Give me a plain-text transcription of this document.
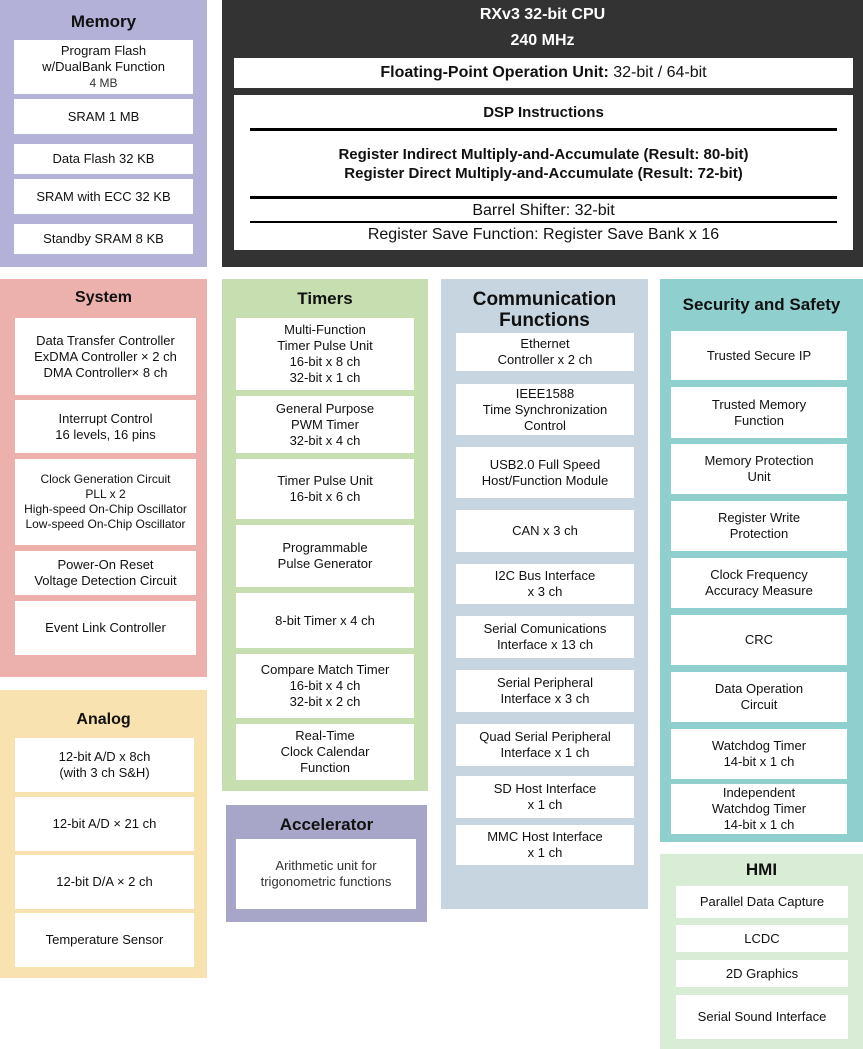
Memory
Program Flash
w/DualBank Function
4 MB
SRAM 1 MB
Data Flash 32 KB
SRAM with ECC 32 KB
Standby SRAM 8 KB
RXv3 32-bit CPU
240 MHz
Floating-Point Operation Unit: 32-bit / 64-bit
DSP Instructions
Register Indirect Multiply-and-Accumulate (Result: 80-bit)
Register Direct Multiply-and-Accumulate (Result: 72-bit)
Barrel Shifter: 32-bit
Register Save Function: Register Save Bank x 16
System
Data Transfer Controller
ExDMA Controller × 2 ch
DMA Controller× 8 ch
Interrupt Control
16 levels, 16 pins
Clock Generation Circuit
PLL x 2
High-speed On-Chip Oscillator
Low-speed On-Chip Oscillator
Power-On Reset
Voltage Detection Circuit
Event Link Controller
Analog
12-bit A/D x 8ch
(with 3 ch S&H)
12-bit A/D × 21 ch
12-bit D/A × 2 ch
Temperature Sensor
Timers
Multi-Function
Timer Pulse Unit
16-bit x 8 ch
32-bit x 1 ch
General Purpose
PWM Timer
32-bit x 4 ch
Timer Pulse Unit
16-bit x 6 ch
Programmable
Pulse Generator
8-bit Timer x 4 ch
Compare Match Timer
16-bit x 4 ch
32-bit x 2 ch
Real-Time
Clock Calendar
Function
Accelerator
Arithmetic unit for
trigonometric functions
Communication
Functions
Ethernet
Controller x 2 ch
IEEE1588
Time Synchronization
Control
USB2.0 Full Speed
Host/Function Module
CAN x 3 ch
I2C Bus Interface
x 3 ch
Serial Comunications
Interface x 13 ch
Serial Peripheral
Interface x 3 ch
Quad Serial Peripheral
Interface x 1 ch
SD Host Interface
x 1 ch
MMC Host Interface
x 1 ch
Security and Safety
Trusted Secure IP
Trusted Memory
Function
Memory Protection
Unit
Register Write
Protection
Clock Frequency
Accuracy Measure
CRC
Data Operation
Circuit
Watchdog Timer
14-bit x 1 ch
Independent
Watchdog Timer
14-bit x 1 ch
HMI
Parallel Data Capture
LCDC
2D Graphics
Serial Sound Interface
